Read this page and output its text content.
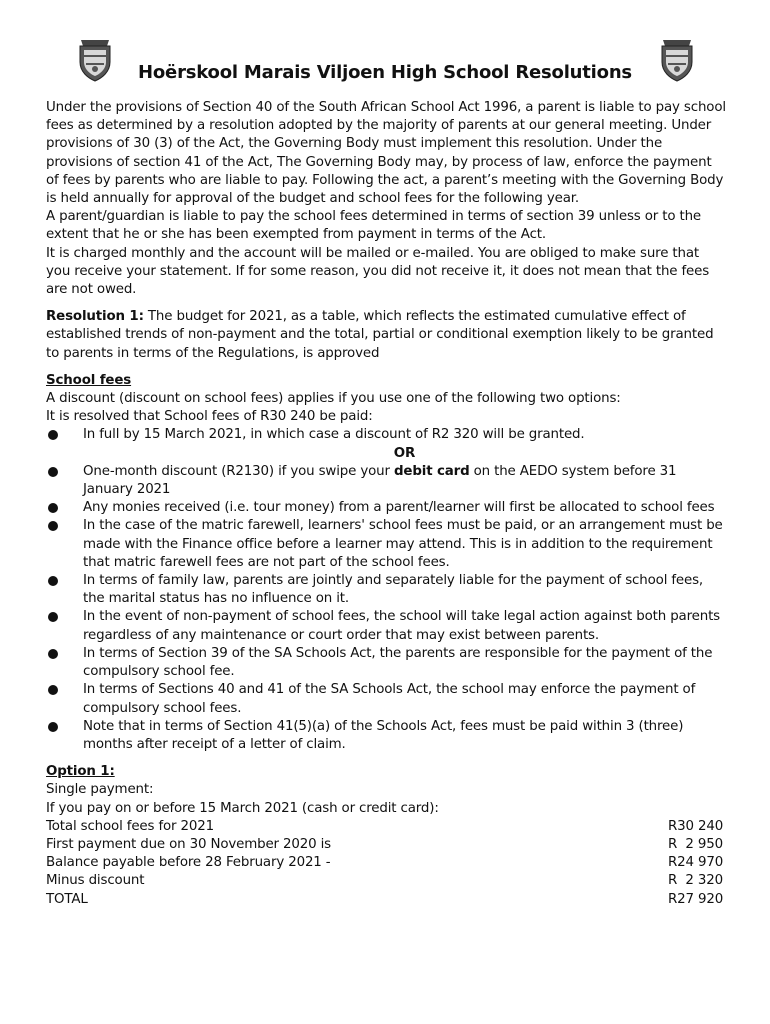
Hoërskool Marais Viljoen High School Resolutions

Under the provisions of Section 40 of the South African School Act 1996, a parent is liable to pay school fees as determined by a resolution adopted by the majority of parents at our general meeting. Under provisions of 30 (3) of the Act, the Governing Body must implement this resolution. Under the provisions of section 41 of the Act, The Governing Body may, by process of law, enforce the payment of fees by parents who are liable to pay. Following the act, a parent’s meeting with the Governing Body is held annually for approval of the budget and school fees for the following year.

A parent/guardian is liable to pay the school fees determined in terms of section 39 unless or to the extent that he or she has been exempted from payment in terms of the Act.

It is charged monthly and the account will be mailed or e-mailed. You are obliged to make sure that you receive your statement. If for some reason, you did not receive it, it does not mean that the fees are not owed.

Resolution 1: The budget for 2021, as a table, which reflects the estimated cumulative effect of established trends of non-payment and the total, partial or conditional exemption likely to be granted to parents in terms of the Regulations, is approved

School fees

A discount (discount on school fees) applies if you use one of the following two options:

It is resolved that School fees of R30 240 be paid:

In full by 15 March 2021, in which case a discount of R2 320 will be granted.
OR
One-month discount (R2130) if you swipe your debit card on the AEDO system before 31 January 2021
Any monies received (i.e. tour money) from a parent/learner will first be allocated to school fees
In the case of the matric farewell, learners' school fees must be paid, or an arrangement must be made with the Finance office before a learner may attend. This is in addition to the requirement that matric farewell fees are not part of the school fees.
In terms of family law, parents are jointly and separately liable for the payment of school fees, the marital status has no influence on it.
In the event of non-payment of school fees, the school will take legal action against both parents regardless of any maintenance or court order that may exist between parents.
In terms of Section 39 of the SA Schools Act, the parents are responsible for the payment of the compulsory school fee.
In terms of Sections 40 and 41 of the SA Schools Act, the school may enforce the payment of compulsory school fees.
Note that in terms of Section 41(5)(a) of the Schools Act, fees must be paid within 3 (three) months after receipt of a letter of claim.

Option 1:

Single payment:

If you pay on or before 15 March 2021 (cash or credit card):

Total school fees for 2021	R30 240
First payment due on 30 November 2020 is	R  2 950
Balance payable before 28 February 2021 -	R24 970
Minus discount	R  2 320
TOTAL	R27 920
